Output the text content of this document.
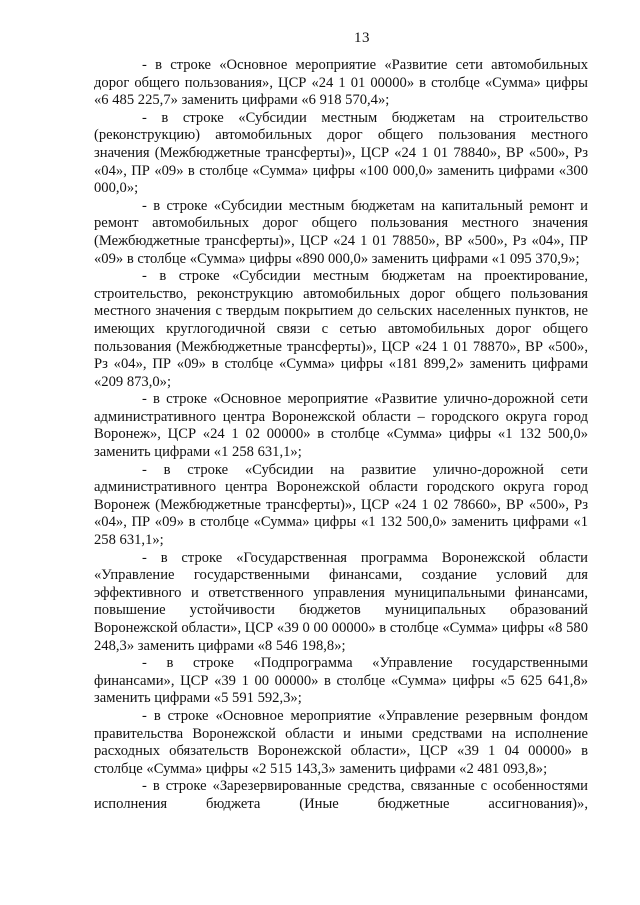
13

- в строке «Основное мероприятие «Развитие сети автомобильных дорог общего пользования», ЦСР «24 1 01 00000» в столбце «Сумма» цифры «6 485 225,7» заменить цифрами «6 918 570,4»;

- в строке «Субсидии местным бюджетам на строительство (реконструкцию) автомобильных дорог общего пользования местного значения (Межбюджетные трансферты)», ЦСР «24 1 01 78840», ВР «500», Рз «04», ПР «09» в столбце «Сумма» цифры «100 000,0» заменить цифрами «300 000,0»;

- в строке «Субсидии местным бюджетам на капитальный ремонт и ремонт автомобильных дорог общего пользования местного значения (Межбюджетные трансферты)», ЦСР «24 1 01 78850», ВР «500», Рз «04», ПР «09» в столбце «Сумма» цифры «890 000,0» заменить цифрами «1 095 370,9»;

- в строке «Субсидии местным бюджетам на проектирование, строительство, реконструкцию автомобильных дорог общего пользования местного значения с твердым покрытием до сельских населенных пунктов, не имеющих круглогодичной связи с сетью автомобильных дорог общего пользования (Межбюджетные трансферты)», ЦСР «24 1 01 78870», ВР «500», Рз «04», ПР «09» в столбце «Сумма» цифры «181 899,2» заменить цифрами «209 873,0»;

- в строке «Основное мероприятие «Развитие улично-дорожной сети административного центра Воронежской области – городского округа город Воронеж», ЦСР «24 1 02 00000» в столбце «Сумма» цифры «1 132 500,0» заменить цифрами «1 258 631,1»;

- в строке «Субсидии на развитие улично-дорожной сети административного центра Воронежской области городского округа город Воронеж (Межбюджетные трансферты)», ЦСР «24 1 02 78660», ВР «500», Рз «04», ПР «09» в столбце «Сумма» цифры «1 132 500,0» заменить цифрами «1 258 631,1»;

- в строке «Государственная программа Воронежской области «Управление государственными финансами, создание условий для эффективного и ответственного управления муниципальными финансами, повышение устойчивости бюджетов муниципальных образований Воронежской области», ЦСР «39 0 00 00000» в столбце «Сумма» цифры «8 580 248,3» заменить цифрами «8 546 198,8»;

- в строке «Подпрограмма «Управление государственными финансами», ЦСР «39 1 00 00000» в столбце «Сумма» цифры «5 625 641,8» заменить цифрами «5 591 592,3»;

- в строке «Основное мероприятие «Управление резервным фондом правительства Воронежской области и иными средствами на исполнение расходных обязательств Воронежской области», ЦСР «39 1 04 00000» в столбце «Сумма» цифры «2 515 143,3» заменить цифрами «2 481 093,8»;

- в строке «Зарезервированные средства, связанные с особенностями исполнения бюджета (Иные бюджетные ассигнования)»,
